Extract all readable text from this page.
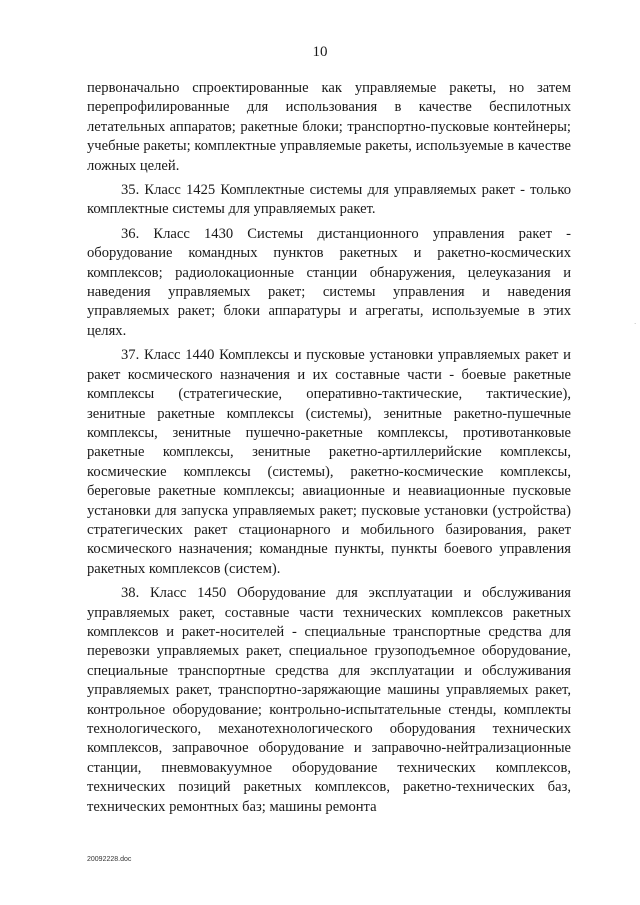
10

первоначально спроектированные как управляемые ракеты, но затем перепрофилированные для использования в качестве беспилотных летательных аппаратов; ракетные блоки; транспортно-пусковые контейнеры; учебные ракеты; комплектные управляемые ракеты, используемые в качестве ложных целей.

35. Класс 1425 Комплектные системы для управляемых ракет - только комплектные системы для управляемых ракет.

36. Класс 1430 Системы дистанционного управления ракет - оборудование командных пунктов ракетных и ракетно-космических комплексов; радиолокационные станции обнаружения, целеуказания и наведения управляемых ракет; системы управления и наведения управляемых ракет; блоки аппаратуры и агрегаты, используемые в этих целях.

37. Класс 1440 Комплексы и пусковые установки управляемых ракет и ракет космического назначения и их составные части - боевые ракетные комплексы (стратегические, оперативно-тактические, тактические), зенитные ракетные комплексы (системы), зенитные ракетно-пушечные комплексы, зенитные пушечно-ракетные комплексы, противотанковые ракетные комплексы, зенитные ракетно-артиллерийские комплексы, космические комплексы (системы), ракетно-космические комплексы, береговые ракетные комплексы; авиационные и неавиационные пусковые установки для запуска управляемых ракет; пусковые установки (устройства) стратегических ракет стационарного и мобильного базирования, ракет космического назначения; командные пункты, пункты боевого управления ракетных комплексов (систем).

38. Класс 1450 Оборудование для эксплуатации и обслуживания управляемых ракет, составные части технических комплексов ракетных комплексов и ракет-носителей - специальные транспортные средства для перевозки управляемых ракет, специальное грузоподъемное оборудование, специальные транспортные средства для эксплуатации и обслуживания управляемых ракет, транспортно-заряжающие машины управляемых ракет, контрольное оборудование; контрольно-испытательные стенды, комплекты технологического, механотехнологического оборудования технических комплексов, заправочное оборудование и заправочно-нейтрализационные станции, пневмовакуумное оборудование технических комплексов, технических позиций ракетных комплексов, ракетно-технических баз, технических ремонтных баз; машины ремонта

.
20092228.doc
